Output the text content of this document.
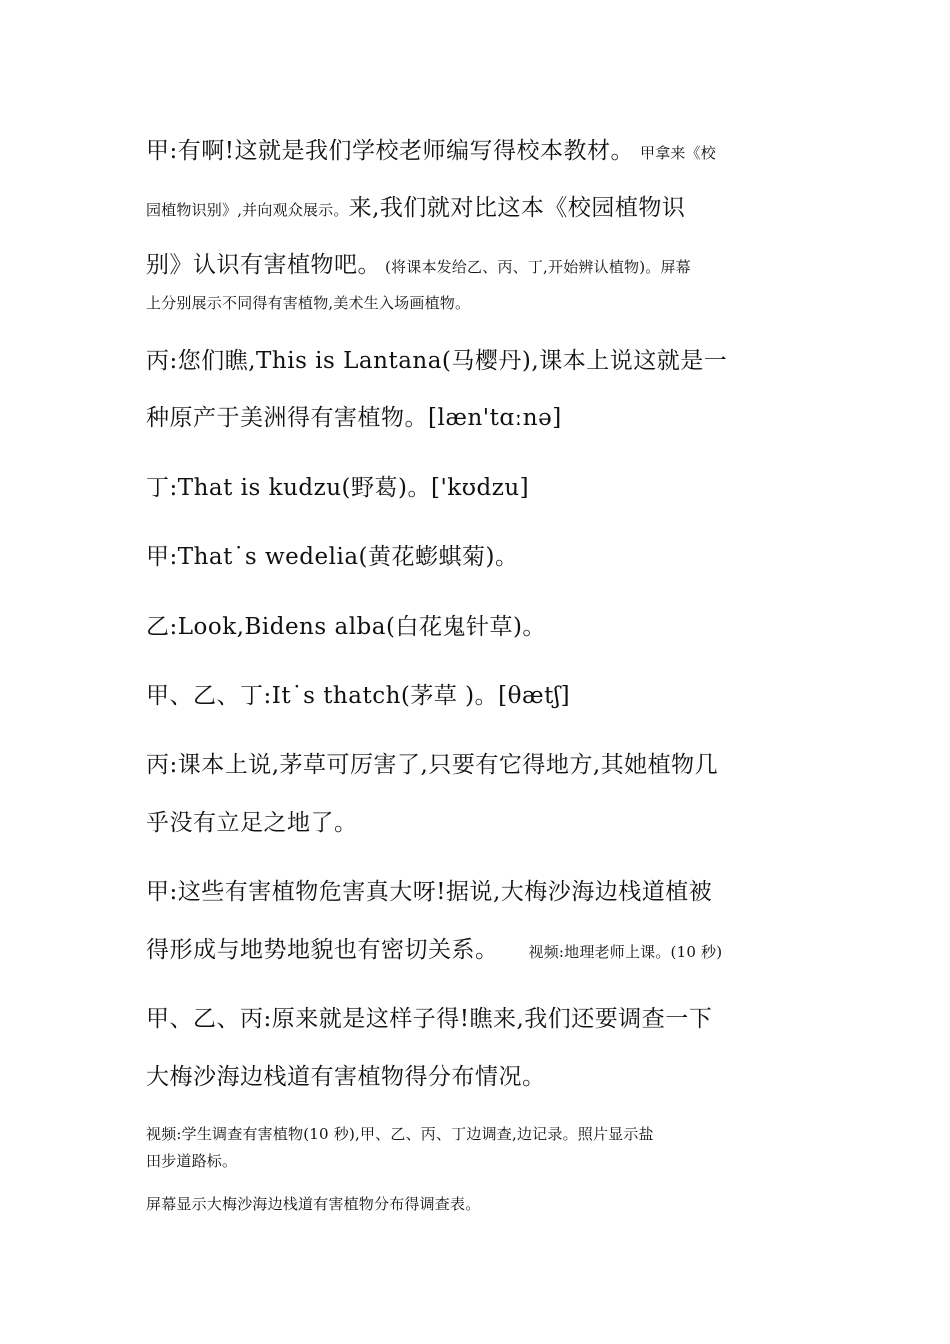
甲:有啊!这就是我们学校老师编写得校本教材。 甲拿来《校
园植物识别》,并向观众展示。来,我们就对比这本《校园植物识
别》认识有害植物吧。 (将课本发给乙、丙、丁,开始辨认植物)。屏幕
上分别展示不同得有害植物,美术生入场画植物。
丙:您们瞧,This is Lantana(马樱丹),课本上说这就是一
种原产于美洲得有害植物。[læn'tɑːnə]
丁:That is kudzu(野葛)。['kʊdzu]
甲:That˙s wedelia(黄花蟛蜞菊)。
乙:Look,Bidens alba(白花鬼针草)。
甲、乙、丁:It˙s thatch(茅草 )。[θætʃ]
丙:课本上说,茅草可厉害了,只要有它得地方,其她植物几
乎没有立足之地了。
甲:这些有害植物危害真大呀!据说,大梅沙海边栈道植被
得形成与地势地貌也有密切关系。 视频:地理老师上课。(10 秒)
甲、乙、丙:原来就是这样子得!瞧来,我们还要调查一下
大梅沙海边栈道有害植物得分布情况。
视频:学生调查有害植物(10 秒),甲、乙、丙、丁边调查,边记录。照片显示盐
田步道路标。
屏幕显示大梅沙海边栈道有害植物分布得调查表。
